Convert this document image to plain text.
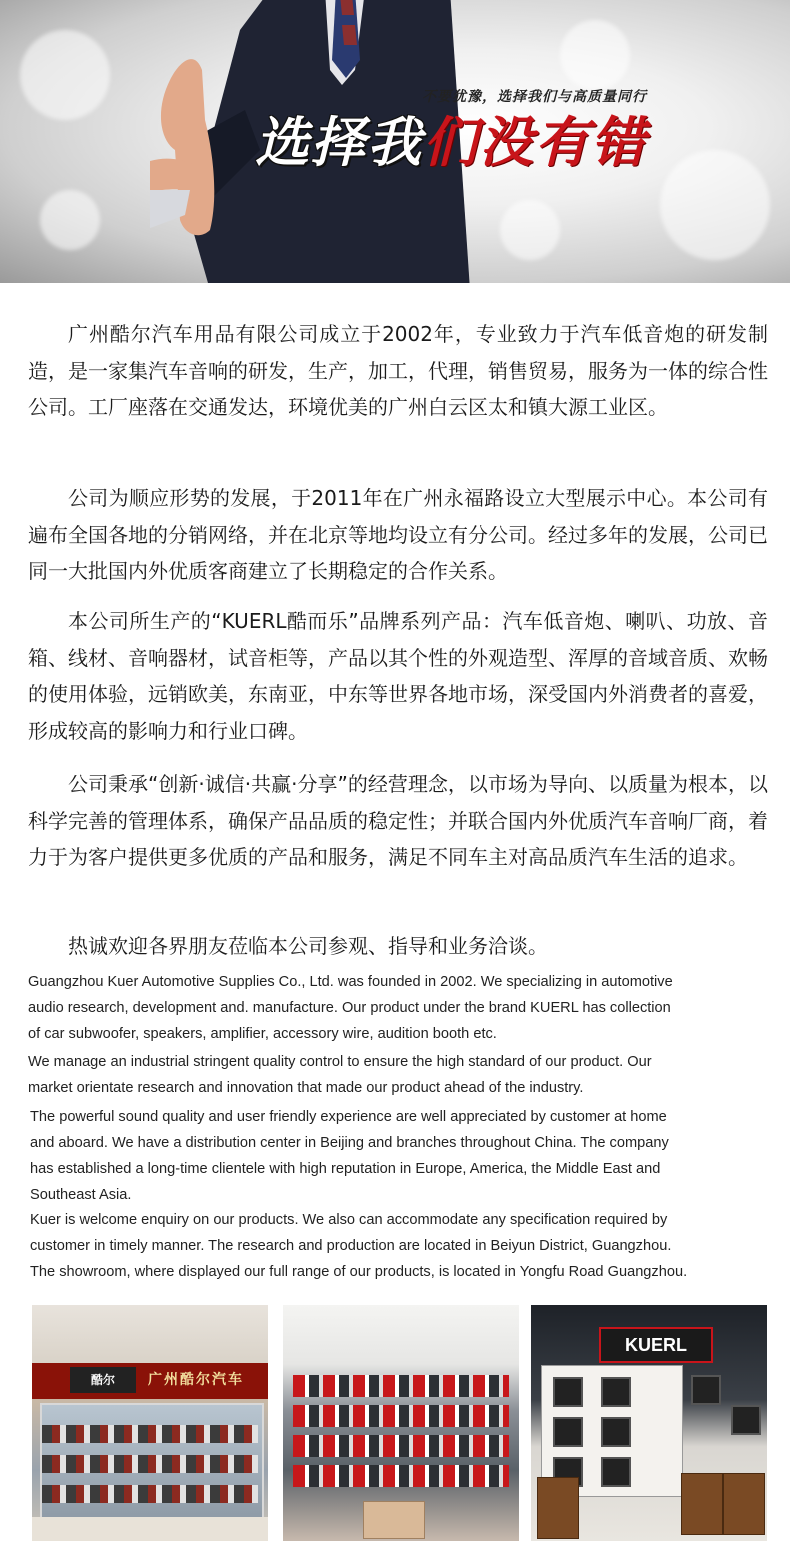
不要犹豫，选择我们与高质量同行
选择我们没有错

广州酷尔汽车用品有限公司成立于2002年，专业致力于汽车低音炮的研发制造，是一家集汽车音响的研发，生产，加工，代理，销售贸易，服务为一体的综合性公司。工厂座落在交通发达，环境优美的广州白云区太和镇大源工业区。

公司为顺应形势的发展，于2011年在广州永福路设立大型展示中心。本公司有遍布全国各地的分销网络，并在北京等地均设立有分公司。经过多年的发展，公司已同一大批国内外优质客商建立了长期稳定的合作关系。

本公司所生产的“KUERL酷而乐”品牌系列产品：汽车低音炮、喇叭、功放、音箱、线材、音响器材，试音柜等，产品以其个性的外观造型、浑厚的音域音质、欢畅的使用体验，远销欧美，东南亚，中东等世界各地市场，深受国内外消费者的喜爱，形成较高的影响力和行业口碑。

公司秉承“创新·诚信·共赢·分享”的经营理念，以市场为导向、以质量为根本，以科学完善的管理体系，确保产品品质的稳定性；并联合国内外优质汽车音响厂商，着力于为客户提供更多优质的产品和服务，满足不同车主对高品质汽车生活的追求。

热诚欢迎各界朋友莅临本公司参观、指导和业务洽谈。

Guangzhou Kuer Automotive Supplies Co., Ltd. was founded in 2002. We specializing in automotive

audio research, development and. manufacture. Our product under the brand KUERL has collection

of car subwoofer, speakers, amplifier, accessory wire, audition booth etc.

We manage an industrial stringent quality control to ensure the high standard of our product. Our

market orientate research and innovation that made our product ahead of the industry.

The powerful sound quality and user friendly experience are well appreciated by customer at home

and aboard. We have a distribution center in Beijing and branches throughout China. The company

has established a long-time clientele with high reputation in Europe, America, the Middle East and

Southeast Asia.

Kuer is welcome enquiry on our products. We also can accommodate any specification required by

customer in timely manner. The research and production are located in Beiyun District, Guangzhou.

The showroom, where displayed our full range of our products, is located in Yongfu Road Guangzhou.

酷尔	广州酷尔汽车
KUERL
